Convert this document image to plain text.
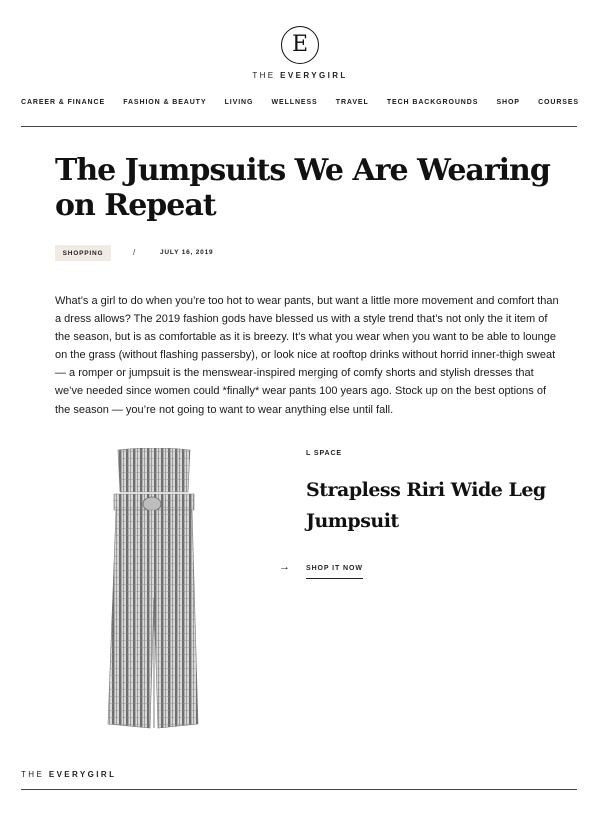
E
THE EVERYGIRL
CAREER & FINANCE	FASHION & BEAUTY	LIVING	WELLNESS	TRAVEL	TECH BACKGROUNDS	SHOP	COURSES
The Jumpsuits We Are Wearing on Repeat
SHOPPING	/	JULY 16, 2019

What’s a girl to do when you’re too hot to wear pants, but want a little more movement and comfort than a dress allows? The 2019 fashion gods have blessed us with a style trend that’s not only the it item of the season, but is as comfortable as it is breezy. It’s what you wear when you want to be able to lounge on the grass (without flashing passersby), or look nice at rooftop drinks without horrid inner-thigh sweat — a romper or jumpsuit is the menswear-inspired merging of comfy shorts and stylish dresses that we’ve needed since women could *finally* wear pants 100 years ago. Stock up on the best options of the season — you’re not going to want to wear anything else until fall.

L SPACE
Strapless Riri Wide Leg Jumpsuit
→ SHOP IT NOW
THE EVERYGIRL
